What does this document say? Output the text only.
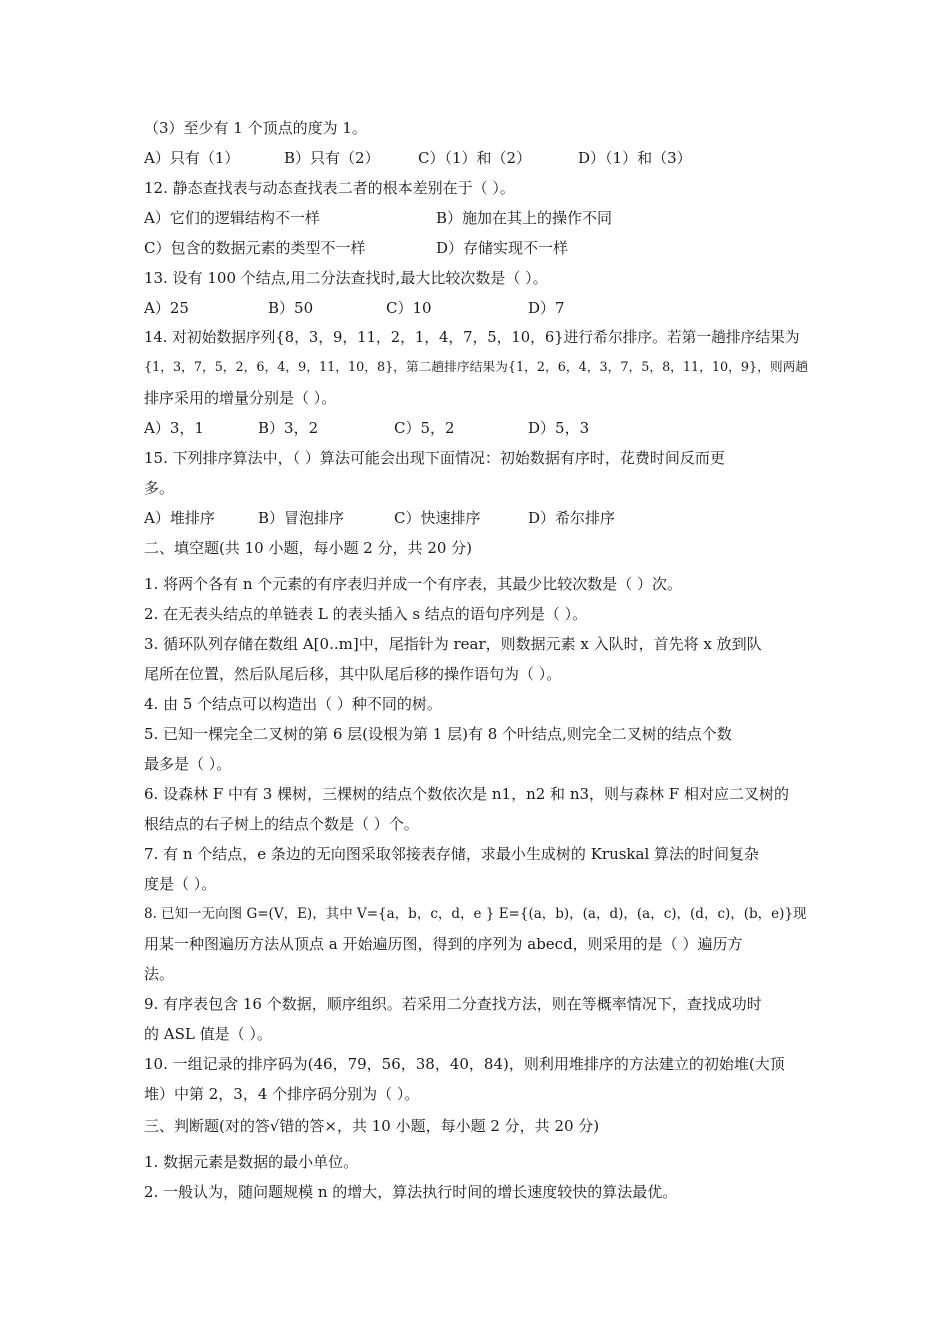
（3）至少有 1 个顶点的度为 1。
A）只有（1）	B）只有（2）	C）（1）和（2）	D）（1）和（3）
12. 静态查找表与动态查找表二者的根本差别在于（ ）。
A）它们的逻辑结构不一样	B）施加在其上的操作不同
C）包含的数据元素的类型不一样	D）存储实现不一样
13. 设有 100 个结点,用二分法查找时,最大比较次数是（ ）。
A）25	B）50	C）10	D）7
14. 对初始数据序列{8，3，9，11，2，1，4，7，5，10，6}进行希尔排序。若第一趟排序结果为
{1，3，7，5，2，6，4，9，11，10，8}，第二趟排序结果为{1，2，6，4，3，7，5，8，11，10，9}，则两趟
排序采用的增量分别是（ ）。
A）3，1	B）3，2	C）5，2	D）5，3
15. 下列排序算法中，（ ）算法可能会出现下面情况：初始数据有序时，花费时间反而更
多。
A）堆排序	B）冒泡排序	C）快速排序	D）希尔排序
二、填空题(共 10 小题，每小题 2 分，共 20 分)
1. 将两个各有 n 个元素的有序表归并成一个有序表，其最少比较次数是（ ）次。
2. 在无表头结点的单链表 L 的表头插入 s 结点的语句序列是（ ）。
3. 循环队列存储在数组 A[0..m]中，尾指针为 rear，则数据元素 x 入队时，首先将 x 放到队
尾所在位置，然后队尾后移，其中队尾后移的操作语句为（ ）。
4. 由 5 个结点可以构造出（ ）种不同的树。
5. 已知一棵完全二叉树的第 6 层(设根为第 1 层)有 8 个叶结点,则完全二叉树的结点个数
最多是（ ）。
6. 设森林 F 中有 3 棵树，三棵树的结点个数依次是 n1，n2 和 n3，则与森林 F 相对应二叉树的
根结点的右子树上的结点个数是（ ）个。
7. 有 n 个结点，e 条边的无向图采取邻接表存储，求最小生成树的 Kruskal 算法的时间复杂
度是（ ）。
8. 已知一无向图 G=(V，E)，其中 V={a，b，c，d，e } E={(a，b)，(a，d)，(a，c)，(d，c)，(b，e)}现
用某一种图遍历方法从顶点 a 开始遍历图，得到的序列为 abecd，则采用的是（ ）遍历方
法。
9. 有序表包含 16 个数据，顺序组织。若采用二分查找方法，则在等概率情况下，查找成功时
的 ASL 值是（ ）。
10. 一组记录的排序码为(46，79，56，38，40，84)，则利用堆排序的方法建立的初始堆(大顶
堆）中第 2，3，4 个排序码分别为（ ）。
三、判断题(对的答√错的答×，共 10 小题，每小题 2 分，共 20 分)
1. 数据元素是数据的最小单位。
2. 一般认为，随问题规模 n 的增大，算法执行时间的增长速度较快的算法最优。
